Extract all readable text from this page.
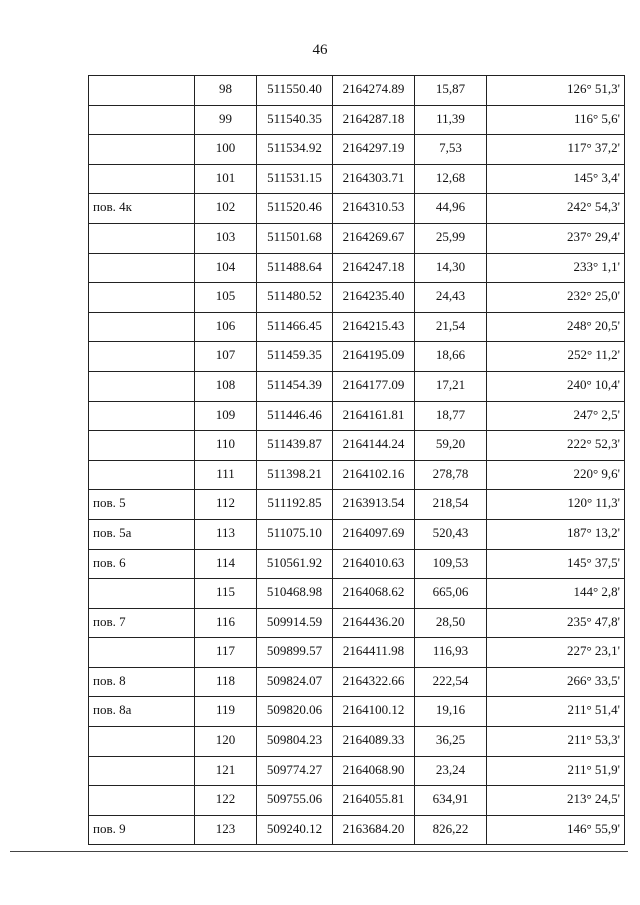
46
	98	511550.40	2164274.89	15,87	126° 51,3'
	99	511540.35	2164287.18	11,39	116° 5,6'
	100	511534.92	2164297.19	7,53	117° 37,2'
	101	511531.15	2164303.71	12,68	145° 3,4'
пов. 4к	102	511520.46	2164310.53	44,96	242° 54,3'
	103	511501.68	2164269.67	25,99	237° 29,4'
	104	511488.64	2164247.18	14,30	233° 1,1'
	105	511480.52	2164235.40	24,43	232° 25,0'
	106	511466.45	2164215.43	21,54	248° 20,5'
	107	511459.35	2164195.09	18,66	252° 11,2'
	108	511454.39	2164177.09	17,21	240° 10,4'
	109	511446.46	2164161.81	18,77	247° 2,5'
	110	511439.87	2164144.24	59,20	222° 52,3'
	111	511398.21	2164102.16	278,78	220° 9,6'
пов. 5	112	511192.85	2163913.54	218,54	120° 11,3'
пов. 5а	113	511075.10	2164097.69	520,43	187° 13,2'
пов. 6	114	510561.92	2164010.63	109,53	145° 37,5'
	115	510468.98	2164068.62	665,06	144° 2,8'
пов. 7	116	509914.59	2164436.20	28,50	235° 47,8'
	117	509899.57	2164411.98	116,93	227° 23,1'
пов. 8	118	509824.07	2164322.66	222,54	266° 33,5'
пов. 8а	119	509820.06	2164100.12	19,16	211° 51,4'
	120	509804.23	2164089.33	36,25	211° 53,3'
	121	509774.27	2164068.90	23,24	211° 51,9'
	122	509755.06	2164055.81	634,91	213° 24,5'
пов. 9	123	509240.12	2163684.20	826,22	146° 55,9'
